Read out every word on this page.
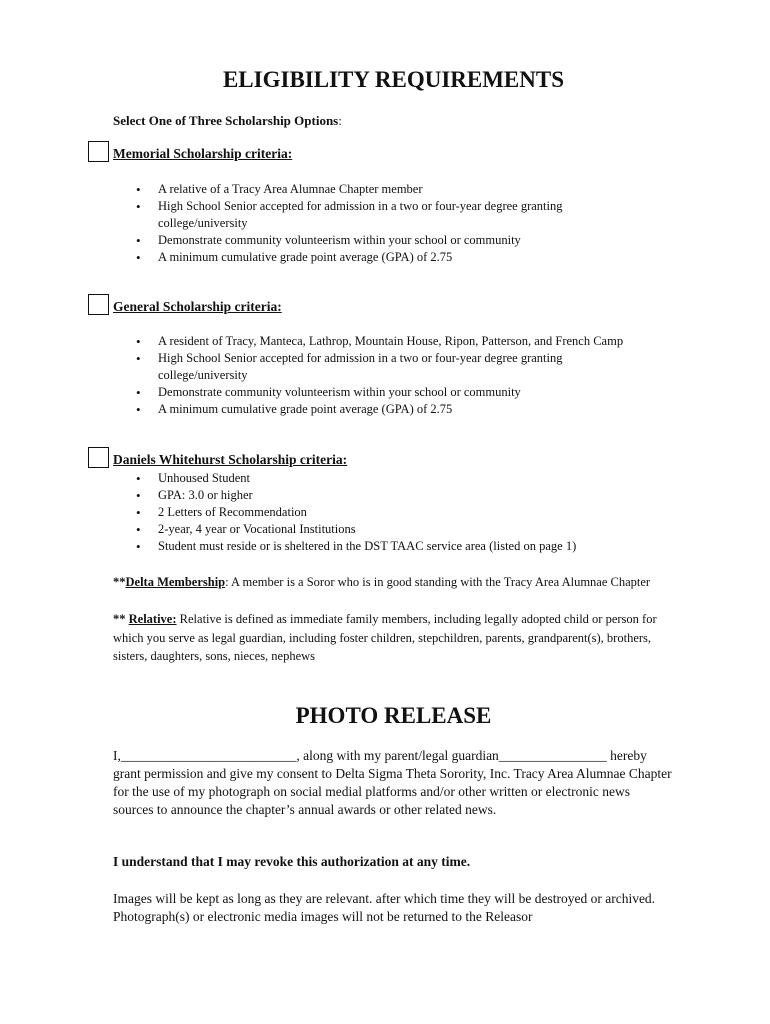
ELIGIBILITY REQUIREMENTS
Select One of Three Scholarship Options:
Memorial Scholarship criteria:
• A relative of a Tracy Area Alumnae Chapter member
• High School Senior accepted for admission in a two or four-year degree granting college/university
• Demonstrate community volunteerism within your school or community
• A minimum cumulative grade point average (GPA) of 2.75
General Scholarship criteria:
• A resident of Tracy, Manteca, Lathrop, Mountain House, Ripon, Patterson, and French Camp
• High School Senior accepted for admission in a two or four-year degree granting college/university
• Demonstrate community volunteerism within your school or community
• A minimum cumulative grade point average (GPA) of 2.75
Daniels Whitehurst Scholarship criteria:
• Unhoused Student
• GPA: 3.0 or higher
• 2 Letters of Recommendation
• 2-year, 4 year or Vocational Institutions
• Student must reside or is sheltered in the DST TAAC service area (listed on page 1)
**Delta Membership: A member is a Soror who is in good standing with the Tracy Area Alumnae Chapter
** Relative: Relative is defined as immediate family members, including legally adopted child or person for which you serve as legal guardian, including foster children, stepchildren, parents, grandparent(s), brothers, sisters, daughters, sons, nieces, nephews
PHOTO RELEASE
I,__________________________, along with my parent/legal guardian________________ hereby grant permission and give my consent to Delta Sigma Theta Sorority, Inc. Tracy Area Alumnae Chapter for the use of my photograph on social medial platforms and/or other written or electronic news sources to announce the chapter’s annual awards or other related news.
I understand that I may revoke this authorization at any time.
Images will be kept as long as they are relevant. after which time they will be destroyed or archived. Photograph(s) or electronic media images will not be returned to the Releasor
